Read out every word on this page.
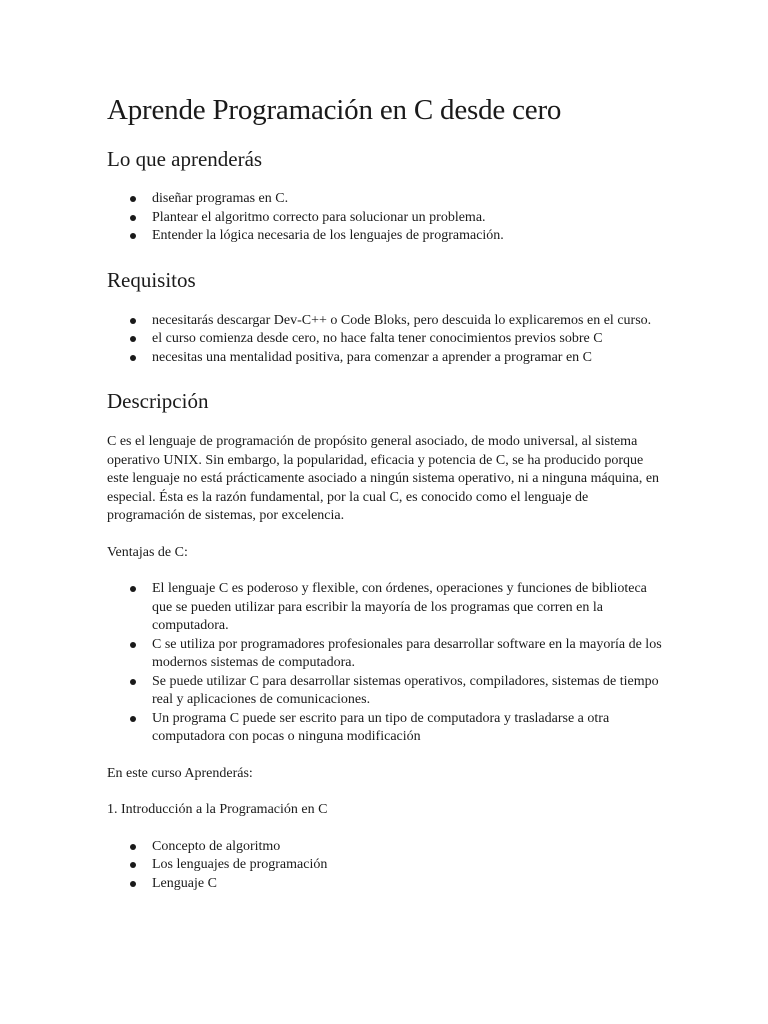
Aprende Programación en C desde cero
Lo que aprenderás
diseñar programas en C.
Plantear el algoritmo correcto para solucionar un problema.
Entender la lógica necesaria de los lenguajes de programación.
Requisitos
necesitarás descargar Dev-C++ o Code Bloks, pero descuida lo explicaremos en el curso.
el curso comienza desde cero, no hace falta tener conocimientos previos sobre C
necesitas una mentalidad positiva, para comenzar a aprender a programar en C
Descripción

C es el lenguaje de programación de propósito general asociado, de modo universal, al sistema operativo UNIX. Sin embargo, la popularidad, eficacia y potencia de C, se ha producido porque este lenguaje no está prácticamente asociado a ningún sistema operativo, ni a ninguna máquina, en especial. Ésta es la razón fundamental, por la cual C, es conocido como el lenguaje de programación de sistemas, por excelencia.

Ventajas de C:

El lenguaje C es poderoso y flexible, con órdenes, operaciones y funciones de biblioteca que se pueden utilizar para escribir la mayoría de los programas que corren en la computadora.
C se utiliza por programadores profesionales para desarrollar software en la mayoría de los modernos sistemas de computadora.
Se puede utilizar C para desarrollar sistemas operativos, compiladores, sistemas de tiempo real y aplicaciones de comunicaciones.
Un programa C puede ser escrito para un tipo de computadora y trasladarse a otra computadora con pocas o ninguna modificación

En este curso Aprenderás:

1. Introducción a la Programación en C

Concepto de algoritmo
Los lenguajes de programación
Lenguaje C
